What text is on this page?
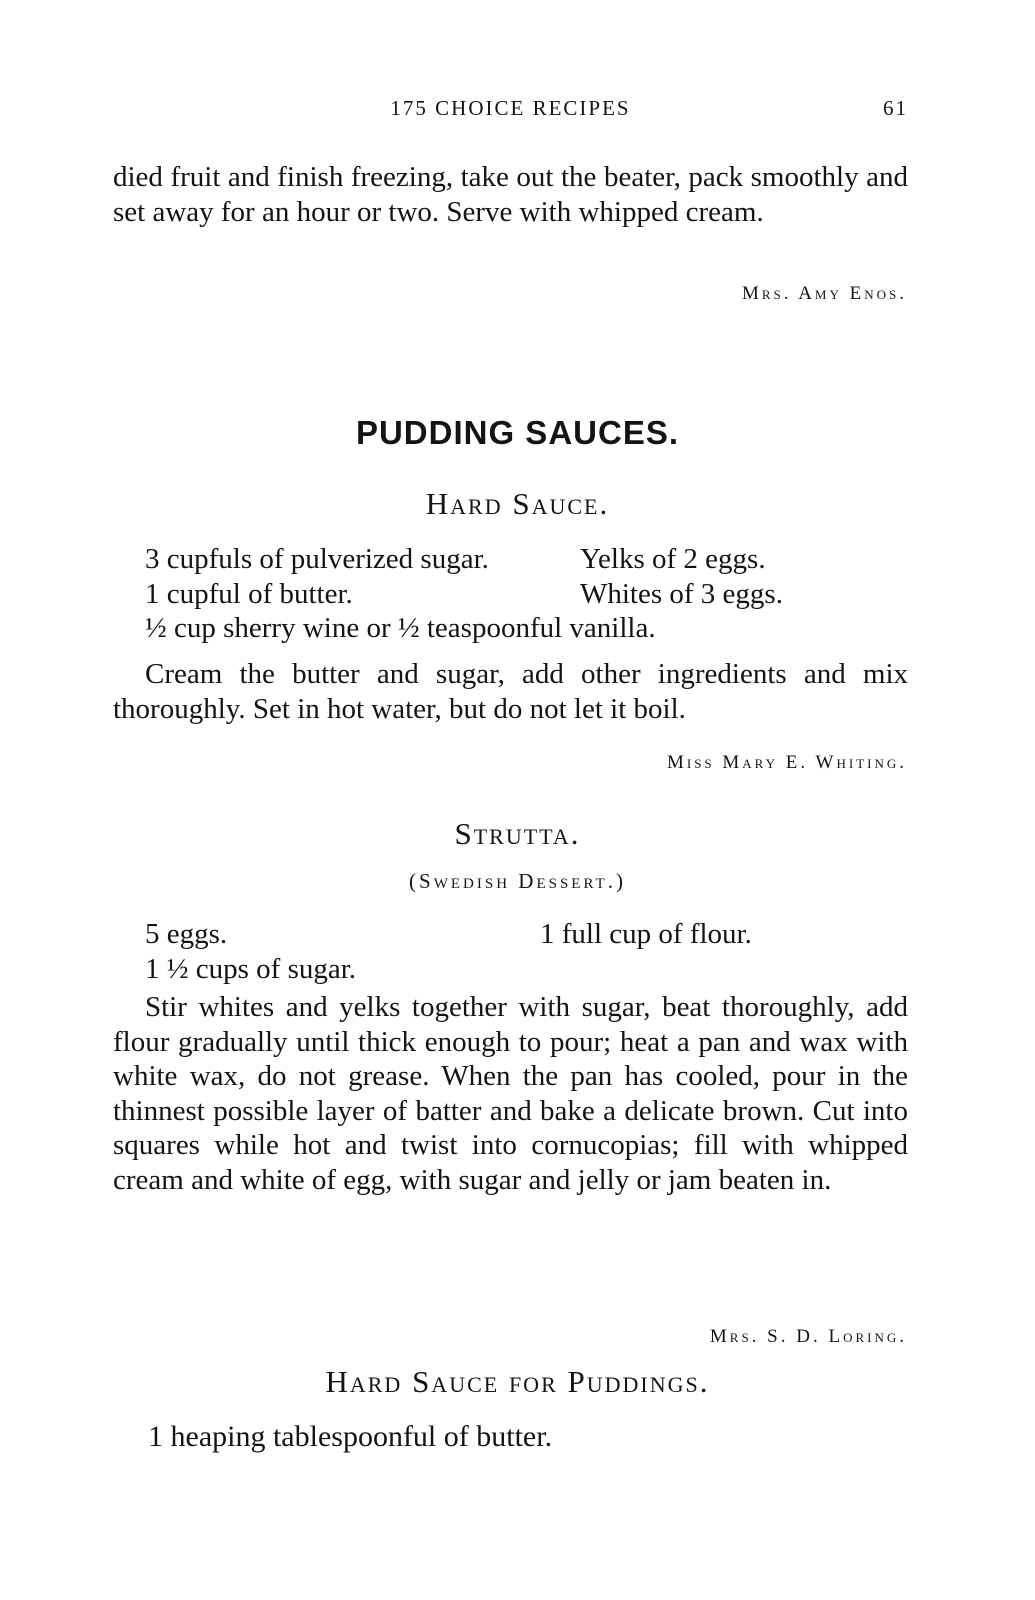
175 CHOICE RECIPES	61

died fruit and finish freezing, take out the beater, pack smoothly and set away for an hour or two. Serve with whipped cream.

Mrs. Amy Enos.
PUDDING SAUCES.
Hard Sauce.
3 cupfuls of pulverized sugar.	Yelks of 2 eggs.
1 cupful of butter.	Whites of 3 eggs.
½ cup sherry wine or ½ teaspoonful vanilla.

Cream the butter and sugar, add other ingredients and mix thoroughly. Set in hot water, but do not let it boil.

Miss Mary E. Whiting.
Strutta.
(Swedish Dessert.)
5 eggs.	1 full cup of flour.
1 ½ cups of sugar.

Stir whites and yelks together with sugar, beat thoroughly, add flour gradually until thick enough to pour; heat a pan and wax with white wax, do not grease. When the pan has cooled, pour in the thinnest possible layer of batter and bake a delicate brown. Cut into squares while hot and twist into cornucopias; fill with whipped cream and white of egg, with sugar and jelly or jam beaten in.

Mrs. S. D. Loring.
Hard Sauce for Puddings.
1 heaping tablespoonful of butter.
